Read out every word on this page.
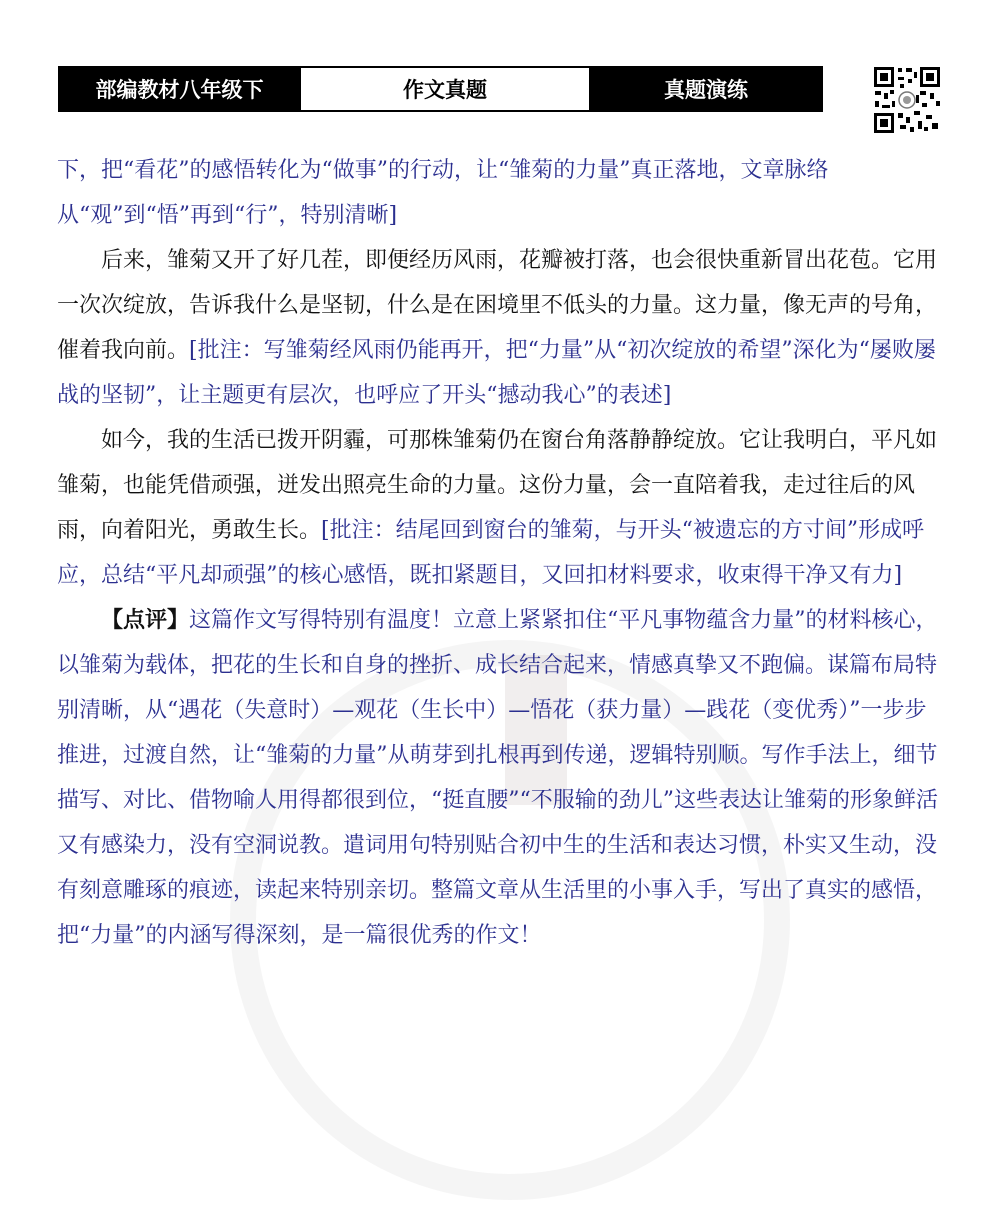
部编教材八年级下	作文真题	真题演练

下，把“看花”的感悟转化为“做事”的行动，让“雏菊的力量”真正落地，文章脉络从“观”到“悟”再到“行”，特别清晰]

后来，雏菊又开了好几茬，即便经历风雨，花瓣被打落，也会很快重新冒出花苞。它用一次次绽放，告诉我什么是坚韧，什么是在困境里不低头的力量。这力量，像无声的号角，催着我向前。[批注：写雏菊经风雨仍能再开，把“力量”从“初次绽放的希望”深化为“屡败屡战的坚韧”，让主题更有层次，也呼应了开头“撼动我心”的表述]

如今，我的生活已拨开阴霾，可那株雏菊仍在窗台角落静静绽放。它让我明白，平凡如雏菊，也能凭借顽强，迸发出照亮生命的力量。这份力量，会一直陪着我，走过往后的风雨，向着阳光，勇敢生长。[批注：结尾回到窗台的雏菊，与开头“被遗忘的方寸间”形成呼应，总结“平凡却顽强”的核心感悟，既扣紧题目，又回扣材料要求，收束得干净又有力]

【点评】这篇作文写得特别有温度！立意上紧紧扣住“平凡事物蕴含力量”的材料核心，以雏菊为载体，把花的生长和自身的挫折、成长结合起来，情感真挚又不跑偏。谋篇布局特别清晰，从“遇花（失意时）—观花（生长中）—悟花（获力量）—践花（变优秀）”一步步推进，过渡自然，让“雏菊的力量”从萌芽到扎根再到传递，逻辑特别顺。写作手法上，细节描写、对比、借物喻人用得都很到位，“挺直腰”“不服输的劲儿”这些表达让雏菊的形象鲜活又有感染力，没有空洞说教。遣词用句特别贴合初中生的生活和表达习惯，朴实又生动，没有刻意雕琢的痕迹，读起来特别亲切。整篇文章从生活里的小事入手，写出了真实的感悟，把“力量”的内涵写得深刻，是一篇很优秀的作文！
